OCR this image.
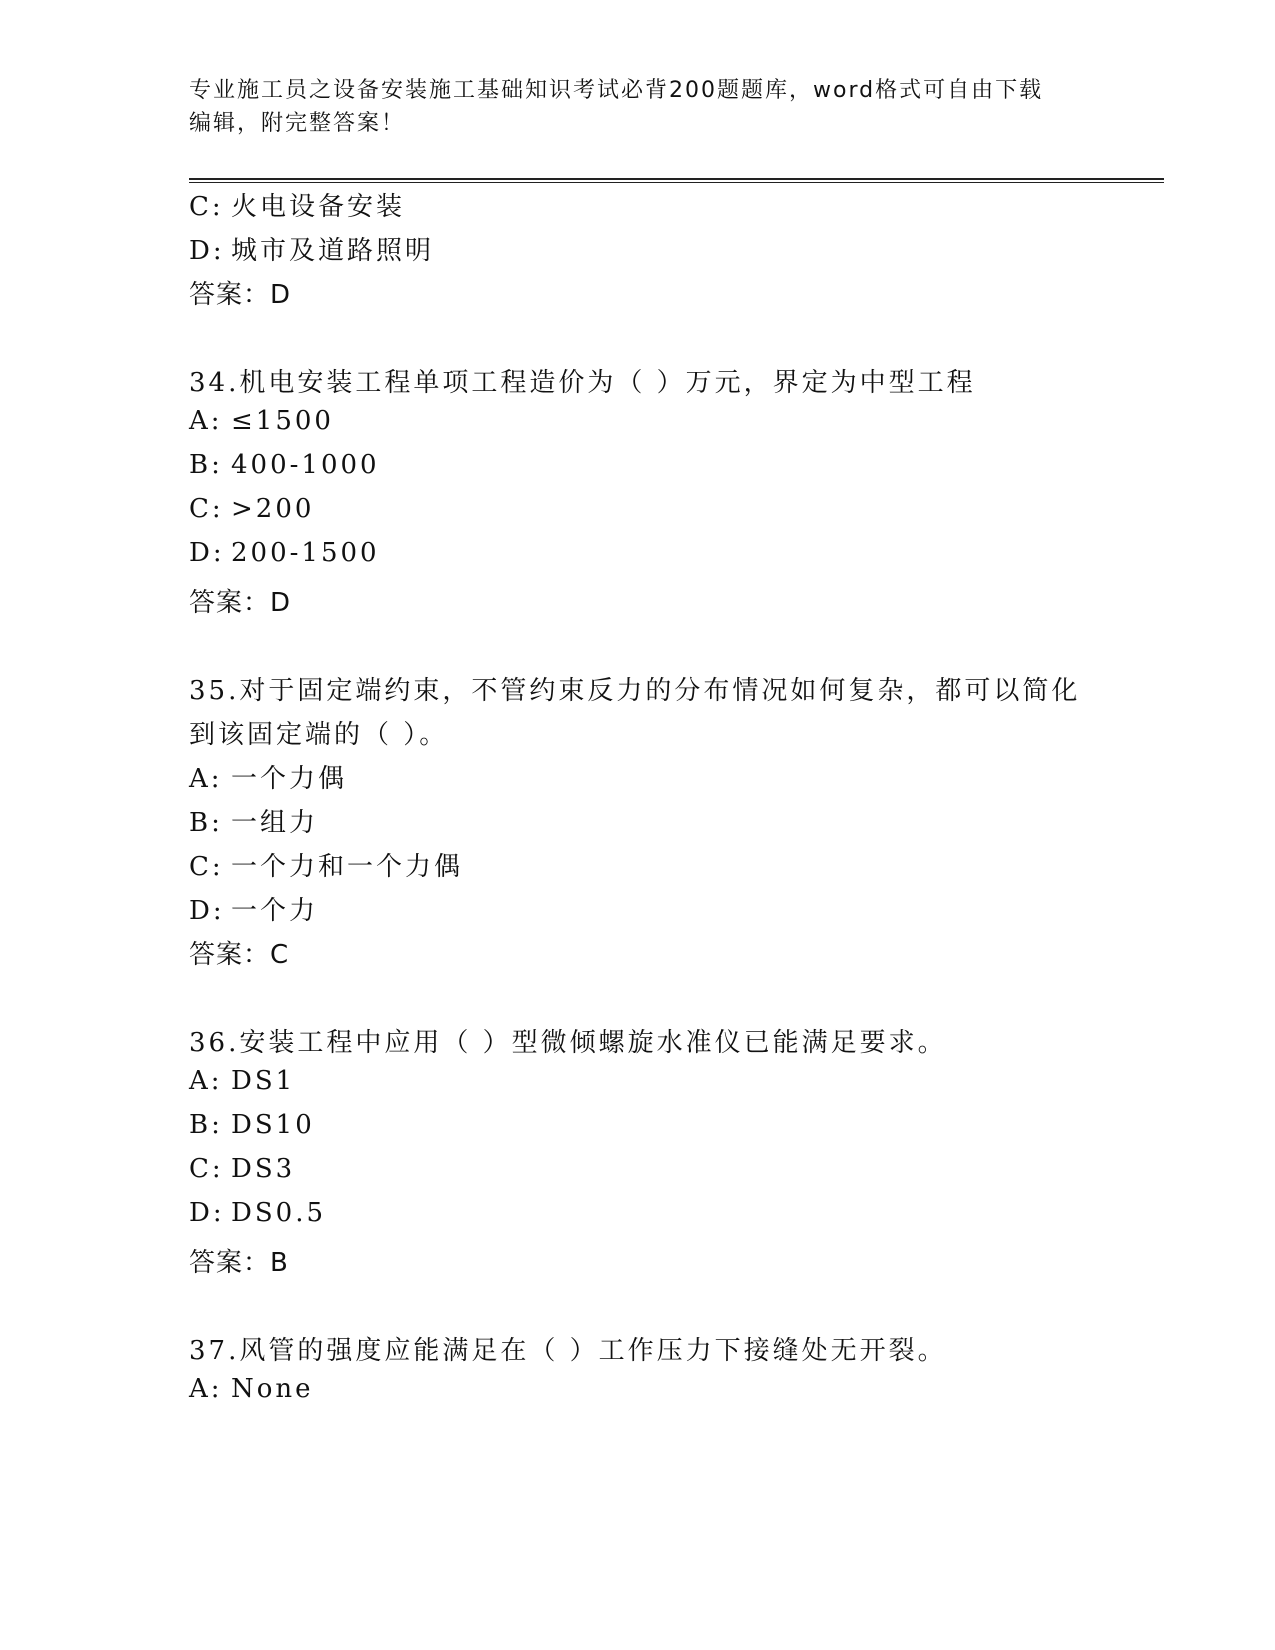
专业施工员之设备安装施工基础知识考试必背200题题库，word格式可自由下载
编辑，附完整答案！
C: 火电设备安装
D: 城市及道路照明
答案：D
34.机电安装工程单项工程造价为（ ）万元，界定为中型工程
A: ≤1500
B: 400-1000
C: >200
D: 200-1500
答案：D
35.对于固定端约束，不管约束反力的分布情况如何复杂，都可以简化
到该固定端的（ ）。
A: 一个力偶
B: 一组力
C: 一个力和一个力偶
D: 一个力
答案：C
36.安装工程中应用（ ）型微倾螺旋水准仪已能满足要求。
A: DS1
B: DS10
C: DS3
D: DS0.5
答案：B
37.风管的强度应能满足在（ ）工作压力下接缝处无开裂。
A: None
